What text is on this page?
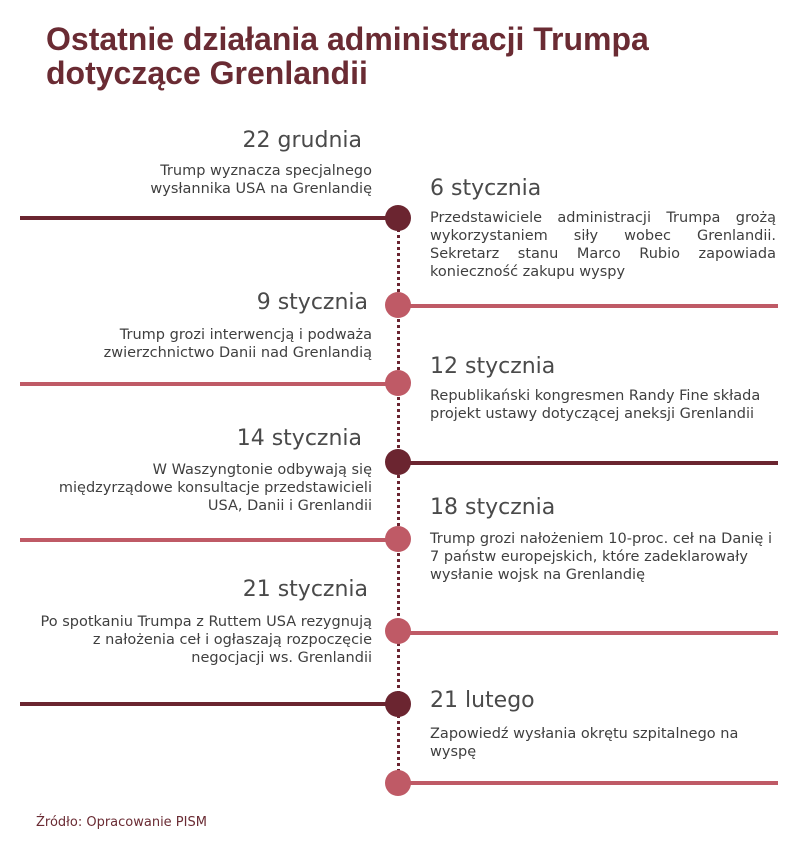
Ostatnie działania administracji Trumpa dotyczące Grenlandii

22 grudnia

Trump wyznacza specjalnego wysłannika USA na Grenlandię	6 stycznia

Przedstawiciele administracji Trumpa grożą wykorzystaniem siły wobec Grenlandii. Sekretarz stanu Marco Rubio zapowiada konieczność zakupu wyspy

9 stycznia

Trump grozi interwencją i podważa zwierzchnictwo Danii nad Grenlandią

12 stycznia

Republikański kongresmen Randy Fine składa projekt ustawy dotyczącej aneksji Grenlandii

14 stycznia

W Waszyngtonie odbywają się międzyrządowe konsultacje przedstawicieli USA, Danii i Grenlandii	18 stycznia

Trump grozi nałożeniem 10-proc. ceł na Danię i 7 państw europejskich, które zadeklarowały wysłanie wojsk na Grenlandię

21 stycznia

Po spotkaniu Trumpa z Ruttem USA rezygnują z nałożenia ceł i ogłaszają rozpoczęcie negocjacji ws. Grenlandii

21 lutego

Zapowiedź wysłania okrętu szpitalnego na wyspę

Źródło: Opracowanie PISM
